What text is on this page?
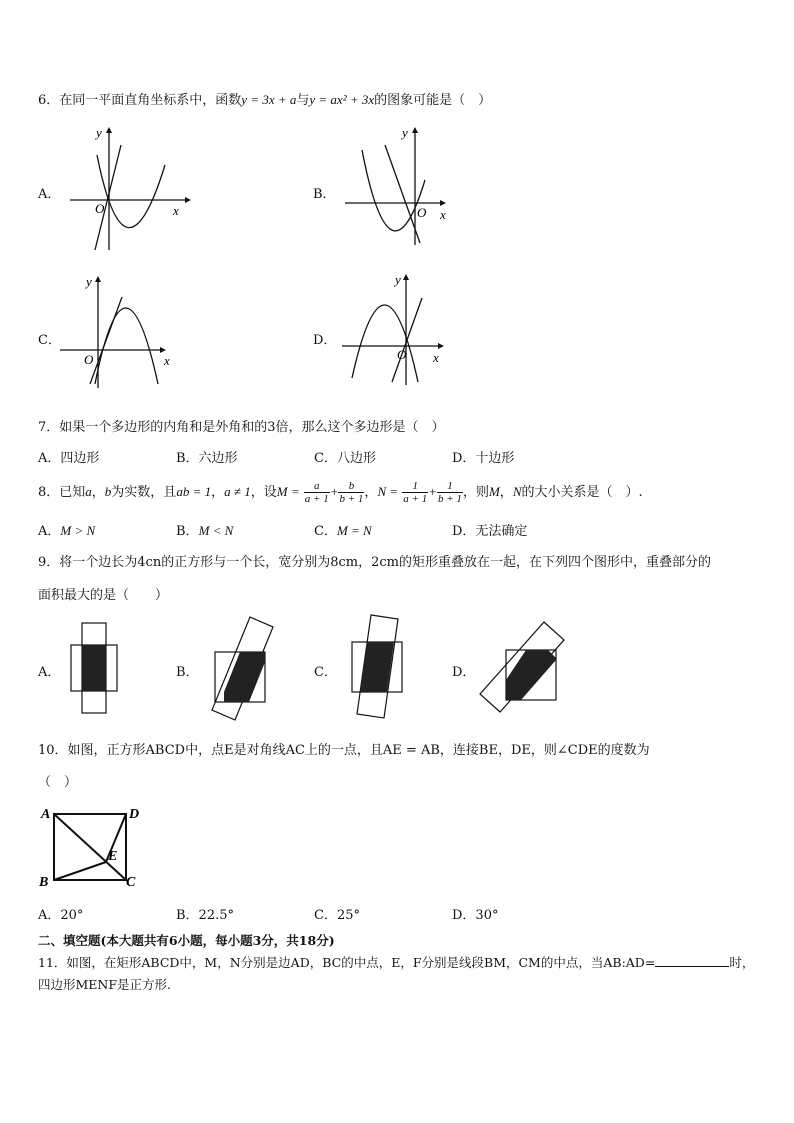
6．在同一平面直角坐标系中，函数y = 3x + a与y = ax² + 3x的图象可能是（　）
A．
O	x
y
B．
O x
y
C．
O	x
y
D．
O x
y
7．如果一个多边形的内角和是外角和的3倍，那么这个多边形是（　）
A．四边形	B．六边形	C．八边形	D．十边形
8．已知a，b为实数，且ab = 1，a ≠ 1，设$M = \frac{a}{a + 1} + \frac{b}{b + 1}$ ，$N = \frac{1}{a + 1} + \frac{1}{b + 1}$ ，则M，N的大小关系是（　）.
A．M > N	B．M < N	C．M = N	D．无法确定
9．将一个边长为4cn的正方形与一个长，宽分别为8cm，2cm的矩形重叠放在一起，在下列四个图形中，重叠部分的
面积最大的是（　　）
A．	B．	C．	D．
10．如图，正方形ABCD中，点E是对角线AC上的一点，且AE = AB，连接BE，DE，则∠CDE的度数为
（　）
A	D
B	C
E
A．20°	B．22.5°	C．25°	D．30°
二、填空题(本大题共有6小题，每小题3分，共18分)
11．如图，在矩形ABCD中，M，N分别是边AD，BC的中点，E，F分别是线段BM，CM的中点，当AB:AD=	时，
四边形MENF是正方形.
